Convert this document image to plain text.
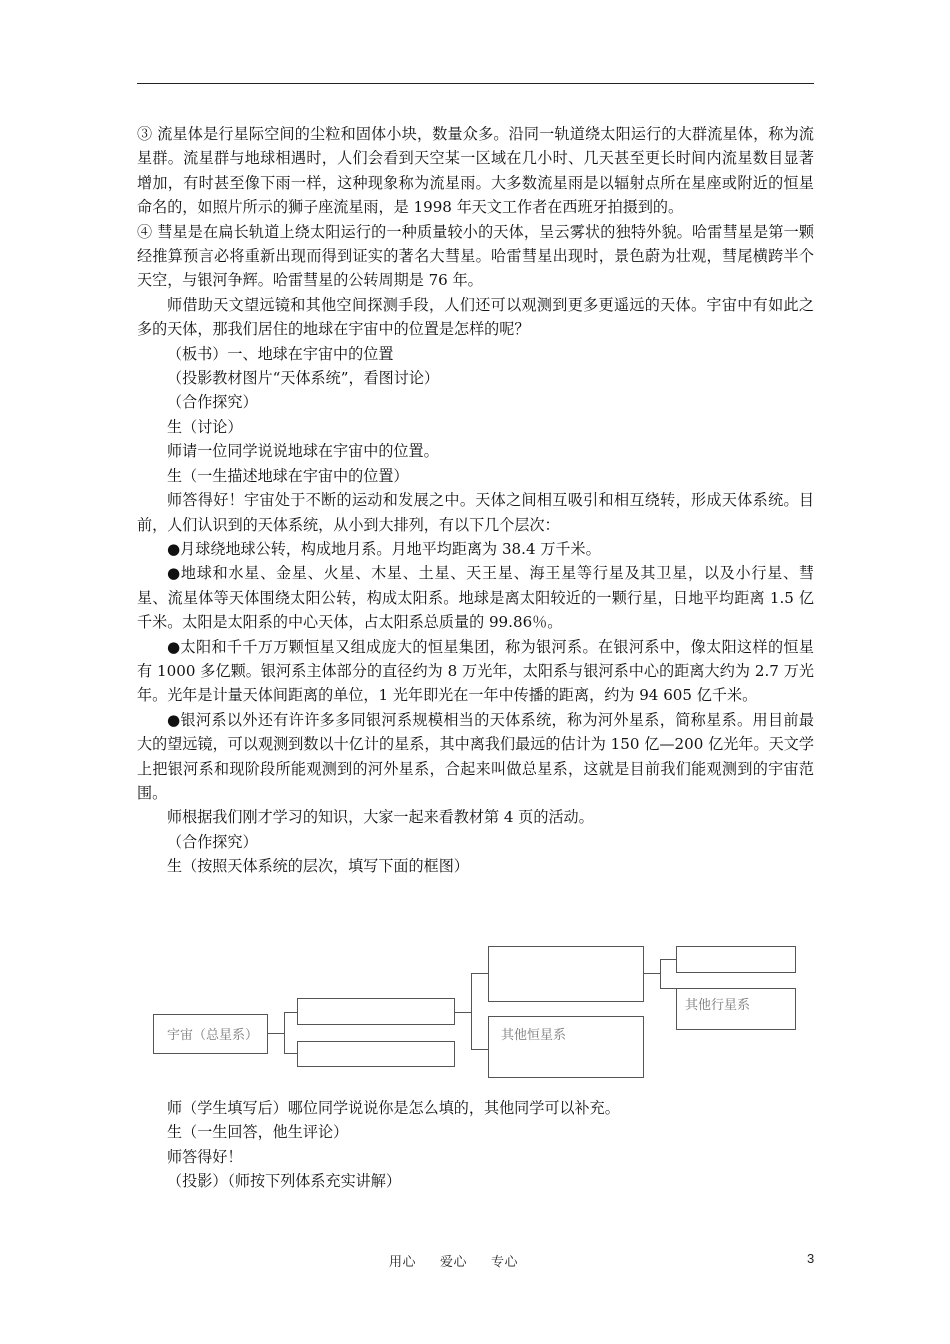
③ 流星体是行星际空间的尘粒和固体小块，数量众多。沿同一轨道绕太阳运行的大群流星体，称为流星群。流星群与地球相遇时，人们会看到天空某一区域在几小时、几天甚至更长时间内流星数目显著增加，有时甚至像下雨一样，这种现象称为流星雨。大多数流星雨是以辐射点所在星座或附近的恒星命名的，如照片所示的狮子座流星雨，是 1998 年天文工作者在西班牙拍摄到的。

④ 彗星是在扁长轨道上绕太阳运行的一种质量较小的天体，呈云雾状的独特外貌。哈雷彗星是第一颗经推算预言必将重新出现而得到证实的著名大彗星。哈雷彗星出现时，景色蔚为壮观，彗尾横跨半个天空，与银河争辉。哈雷彗星的公转周期是 76 年。

师借助天文望远镜和其他空间探测手段，人们还可以观测到更多更遥远的天体。宇宙中有如此之多的天体，那我们居住的地球在宇宙中的位置是怎样的呢？

（板书）一、地球在宇宙中的位置

（投影教材图片“天体系统”，看图讨论）

（合作探究）

生（讨论）

师请一位同学说说地球在宇宙中的位置。

生（一生描述地球在宇宙中的位置）

师答得好！宇宙处于不断的运动和发展之中。天体之间相互吸引和相互绕转，形成天体系统。目前，人们认识到的天体系统，从小到大排列，有以下几个层次：

●月球绕地球公转，构成地月系。月地平均距离为 38.4 万千米。

●地球和水星、金星、火星、木星、土星、天王星、海王星等行星及其卫星，以及小行星、彗星、流星体等天体围绕太阳公转，构成太阳系。地球是离太阳较近的一颗行星，日地平均距离 1.5 亿千米。太阳是太阳系的中心天体，占太阳系总质量的 99.86％。

●太阳和千千万万颗恒星又组成庞大的恒星集团，称为银河系。在银河系中，像太阳这样的恒星有 1000 多亿颗。银河系主体部分的直径约为 8 万光年，太阳系与银河系中心的距离大约为 2.7 万光年。光年是计量天体间距离的单位，1 光年即光在一年中传播的距离，约为 94 605 亿千米。

●银河系以外还有许许多多同银河系规模相当的天体系统，称为河外星系，简称星系。用目前最大的望远镜，可以观测到数以十亿计的星系，其中离我们最远的估计为 150 亿—200 亿光年。天文学上把银河系和现阶段所能观测到的河外星系，合起来叫做总星系，这就是目前我们能观测到的宇宙范围。

师根据我们刚才学习的知识，大家一起来看教材第 4 页的活动。

（合作探究）

生（按照天体系统的层次，填写下面的框图）

宇宙（总星系）	其他恒星系
其他行星系

师（学生填写后）哪位同学说说你是怎么填的，其他同学可以补充。

生（一生回答，他生评论）

师答得好！

（投影）（师按下列体系充实讲解）

用心 爱心 专心	3
